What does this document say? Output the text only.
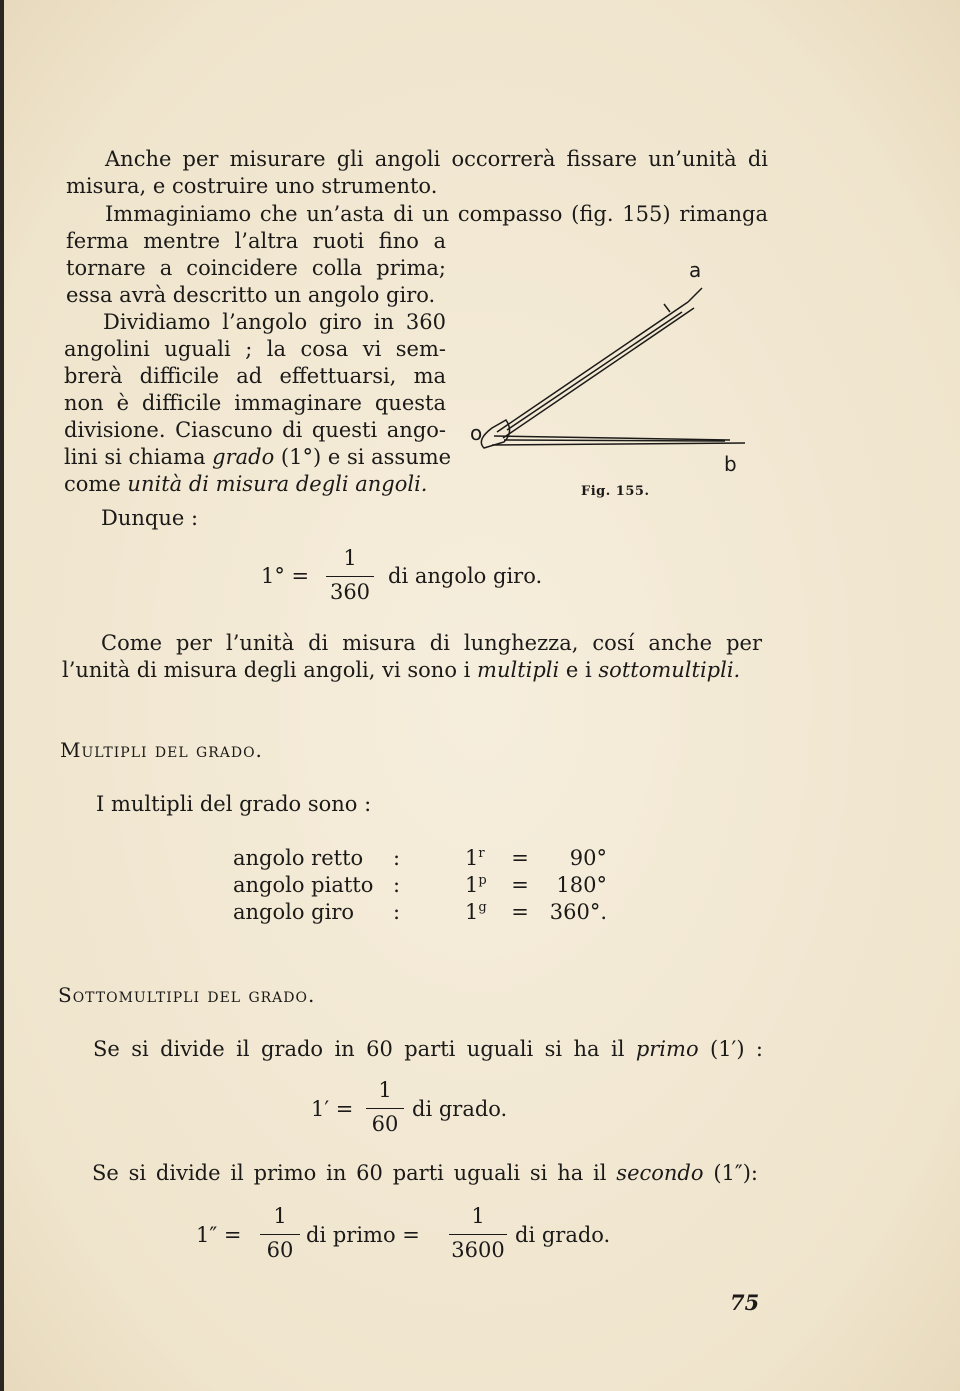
Anche per misurare gli angoli occorrerà fissare un’unità di
misura, e costruire uno strumento.
Immaginiamo che un’asta di un compasso (fig. 155) rimanga
ferma mentre l’altra ruoti fino a
tornare a coincidere colla prima;
essa avrà descritto un angolo giro.
Dividiamo l’angolo giro in 360
angolini uguali ; la cosa vi sem-
brerà difficile ad effettuarsi, ma
non è difficile immaginare questa
divisione. Ciascuno di questi ango-
lini si chiama grado (1°) e si assume
come unità di misura degli angoli.
Dunque :
a
o
b
Fig. 155.
1° =
1
360
di angolo giro.
Come per l’unità di misura di lunghezza, cosí anche per
l’unità di misura degli angoli, vi sono i multipli e i sottomultipli.
Multipli del grado.
I multipli del grado sono :
angolo retto	:	$1^r$	=	90°
angolo piatto	:	$1^p$	=	180°
angolo giro	:	$1^g$	=	360°.
Sottomultipli del grado.
Se si divide il grado in 60 parti uguali si ha il primo (1′) :
1′ =
1
60
di grado.
Se si divide il primo in 60 parti uguali si ha il secondo (1″):
1″ =
1
60
di primo =
1
3600
di grado.
75
